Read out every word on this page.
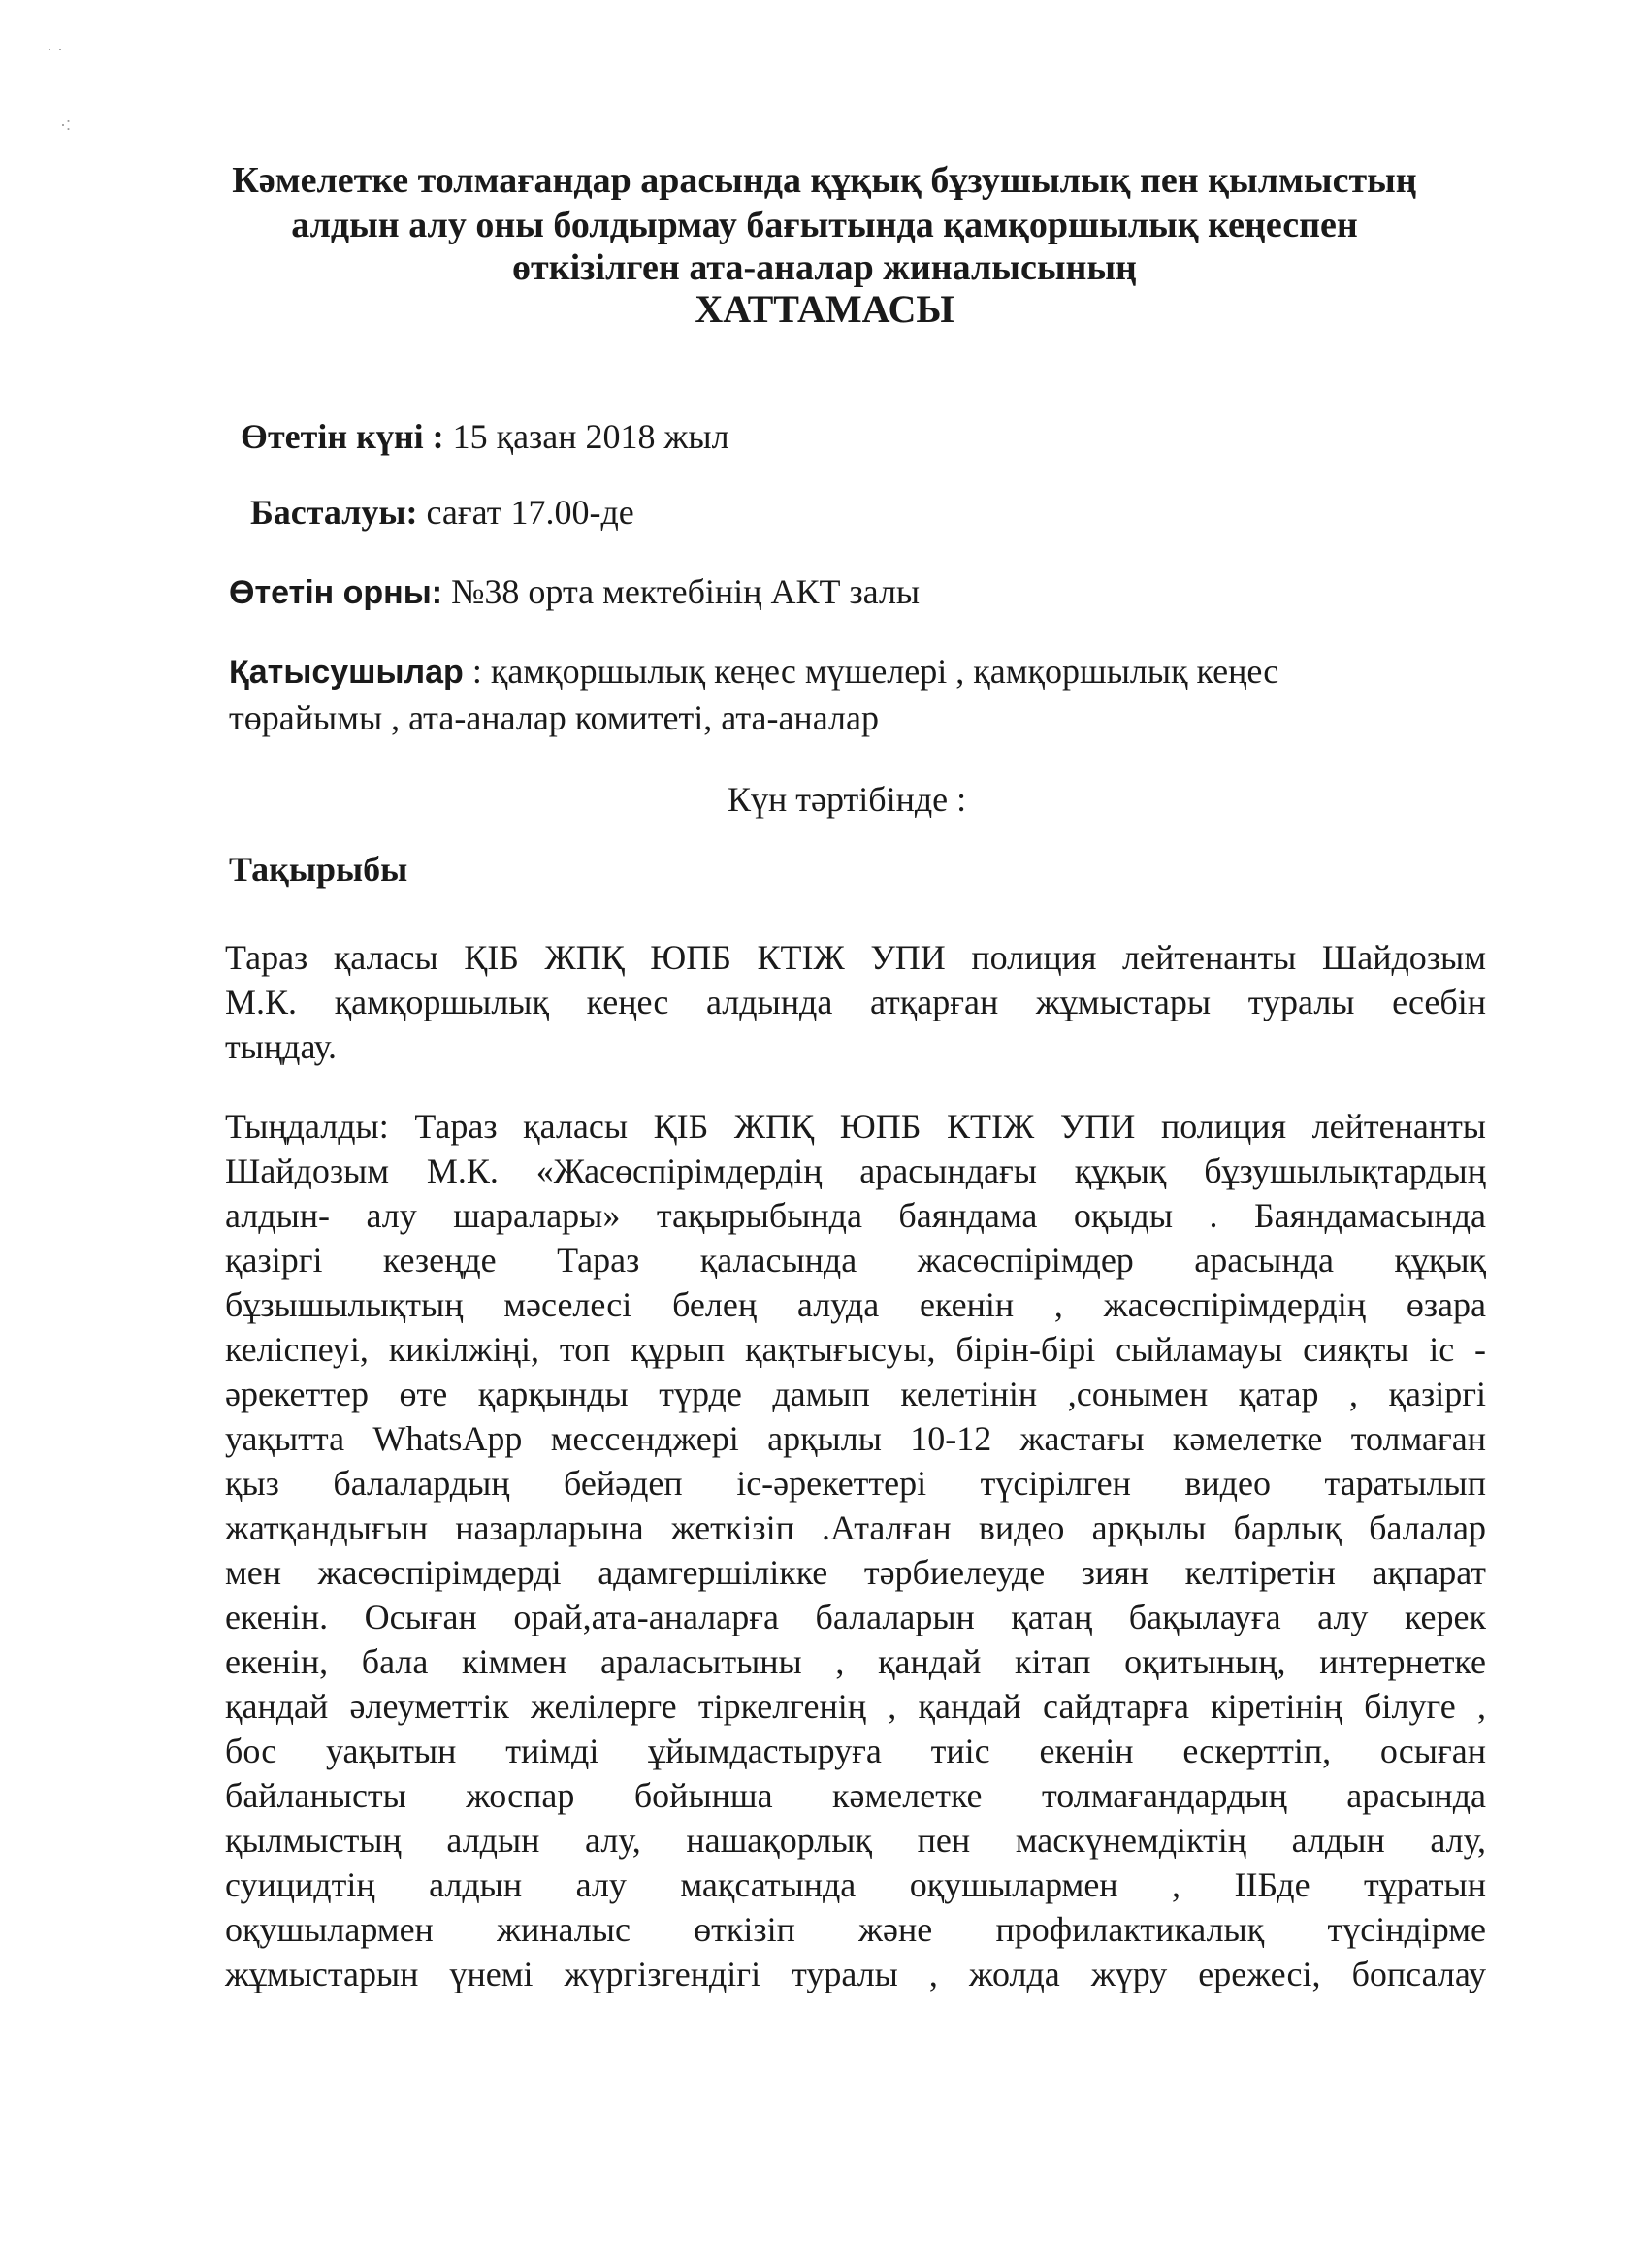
· ·
·:
Кәмелетке толмағандар арасында құқық бұзушылық пен қылмыстың
алдын алу оны болдырмау бағытында қамқоршылық кеңеспен
өткізілген ата-аналар жиналысының
ХАТТАМАСЫ
Өтетін күні : 15 қазан 2018 жыл
Басталуы: сағат 17.00-де
Өтетін орны: №38 орта мектебінің АКТ залы
Қатысушылар : қамқоршылық кеңес мүшелері , қамқоршылық кеңес
төрайымы , ата-аналар комитеті, ата-аналар
Күн тәртібінде :
Тақырыбы
Тараз қаласы ҚІБ ЖПҚ ЮПБ КТІЖ УПИ полиция лейтенанты Шайдозым
М.К. қамқоршылық кеңес алдында атқарған жұмыстары туралы есебін
тыңдау.
Тыңдалды: Тараз қаласы ҚІБ ЖПҚ ЮПБ КТІЖ УПИ полиция лейтенанты
Шайдозым М.К. «Жасөспірімдердің арасындағы құқық бұзушылықтардың
алдын- алу шаралары» тақырыбында баяндама оқыды . Баяндамасында
қазіргі кезеңде Тараз қаласында жасөспірімдер арасында құқық
бұзышылықтың мәселесі белең алуда екенін , жасөспірімдердің өзара
келіспеуі, кикілжіңі, топ құрып қақтығысуы, бірін-бірі сыйламауы сияқты іс -
әрекеттер өте қарқынды түрде дамып келетінін ,сонымен қатар , қазіргі
уақытта WhatsApp мессенджері арқылы 10-12 жастағы кәмелетке толмаған
қыз балалардың бейәдеп іс-әрекеттері түсірілген видео таратылып
жатқандығын назарларына жеткізіп .Аталған видео арқылы барлық балалар
мен жасөспірімдерді адамгершілікке тәрбиелеуде зиян келтіретін ақпарат
екенін. Осыған орай,ата-аналарға балаларын қатаң бақылауға алу керек
екенін, бала кіммен араласытыны , қандай кітап оқитының, интернетке
қандай әлеуметтік желілерге тіркелгенің , қандай сайдтарға кіретінің білуге ,
бос уақытын тиімді ұйымдастыруға тиіс екенін ескерттіп, осыған
байланысты жоспар бойынша кәмелетке толмағандардың арасында
қылмыстың алдын алу, нашақорлық пен маскүнемдіктің алдын алу,
суицидтің алдын алу мақсатында оқушылармен , ІІБде тұратын
оқушылармен жиналыс өткізіп және профилактикалық түсіндірме
жұмыстарын үнемі жүргізгендігі туралы , жолда жүру ережесі, бопсалау
